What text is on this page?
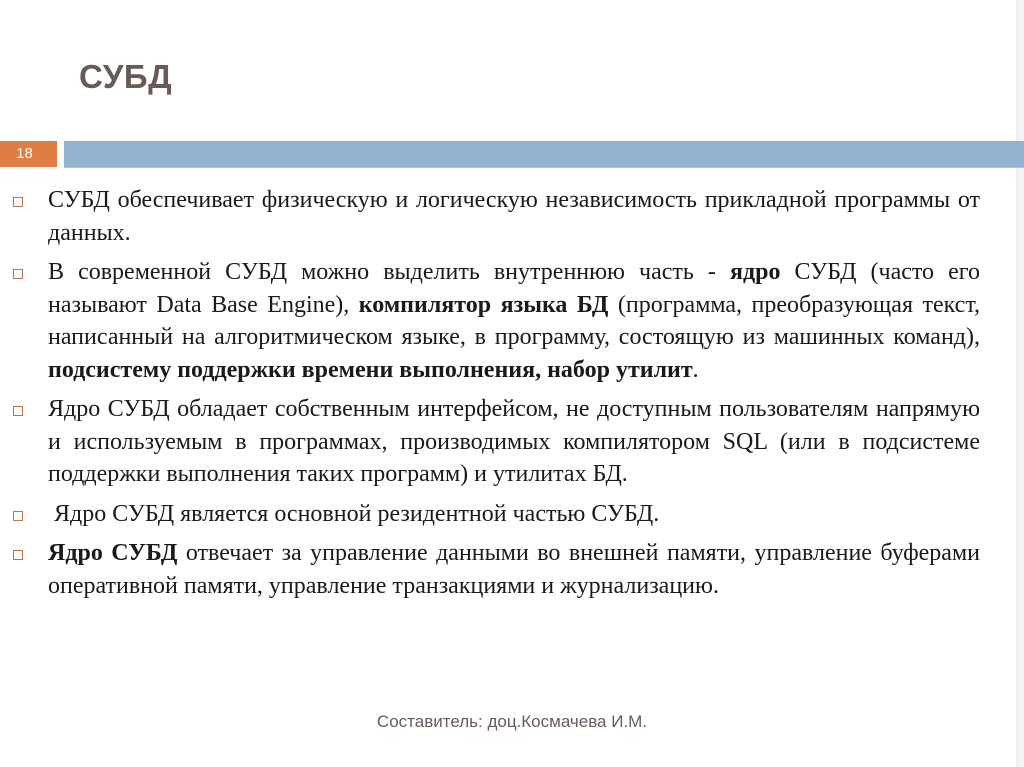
СУБД
18
СУБД обеспечивает физическую и логическую независимость прикладной программы от данных.
В современной СУБД можно выделить внутреннюю часть - ядро СУБД (часто его называют Data Base Engine), компилятор языка БД (программа, преобразующая текст, написанный на алгоритмическом языке, в программу, состоящую из машинных команд), подсистему поддержки времени выполнения, набор утилит.
Ядро СУБД обладает собственным интерфейсом, не доступным пользователям напрямую и используемым в программах, производимых компилятором SQL (или в подсистеме поддержки выполнения таких программ) и утилитах БД.
Ядро СУБД является основной резидентной частью СУБД.
Ядро СУБД отвечает за управление данными во внешней памяти, управление буферами оперативной памяти, управление транзакциями и журнализацию.
Составитель: доц.Космачева И.М.
